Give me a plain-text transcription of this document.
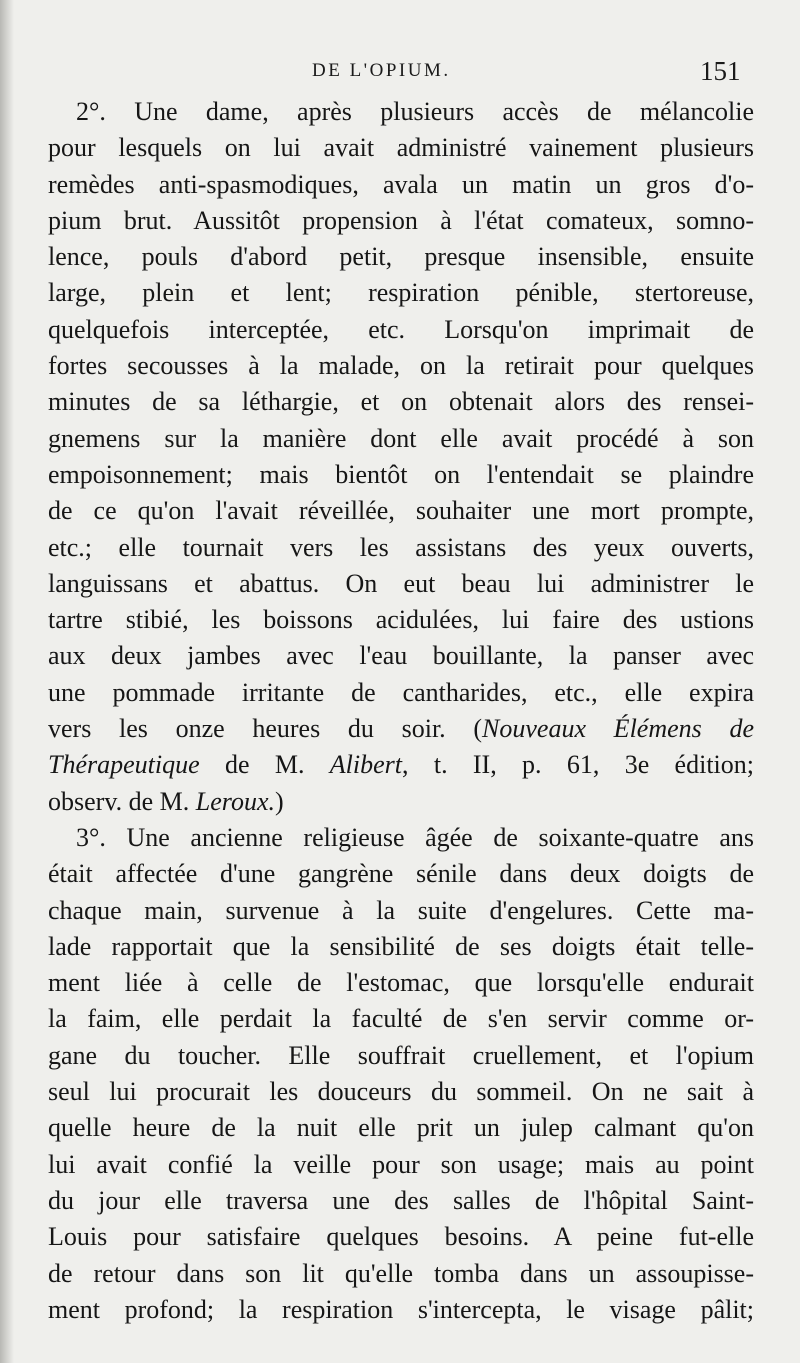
DE L'OPIUM.	151
2°. Une dame, après plusieurs accès de mélancolie
pour lesquels on lui avait administré vainement plusieurs
remèdes anti-spasmodiques, avala un matin un gros d'o-
pium brut. Aussitôt propension à l'état comateux, somno-
lence, pouls d'abord petit, presque insensible, ensuite
large, plein et lent; respiration pénible, stertoreuse,
quelquefois interceptée, etc. Lorsqu'on imprimait de
fortes secousses à la malade, on la retirait pour quelques
minutes de sa léthargie, et on obtenait alors des rensei-
gnemens sur la manière dont elle avait procédé à son
empoisonnement; mais bientôt on l'entendait se plaindre
de ce qu'on l'avait réveillée, souhaiter une mort prompte,
etc.; elle tournait vers les assistans des yeux ouverts,
languissans et abattus. On eut beau lui administrer le
tartre stibié, les boissons acidulées, lui faire des ustions
aux deux jambes avec l'eau bouillante, la panser avec
une pommade irritante de cantharides, etc., elle expira
vers les onze heures du soir. (Nouveaux Élémens de
Thérapeutique de M. Alibert, t. II, p. 61, 3e édition;
observ. de M. Leroux.)
3°. Une ancienne religieuse âgée de soixante-quatre ans
était affectée d'une gangrène sénile dans deux doigts de
chaque main, survenue à la suite d'engelures. Cette ma-
lade rapportait que la sensibilité de ses doigts était telle-
ment liée à celle de l'estomac, que lorsqu'elle endurait
la faim, elle perdait la faculté de s'en servir comme or-
gane du toucher. Elle souffrait cruellement, et l'opium
seul lui procurait les douceurs du sommeil. On ne sait à
quelle heure de la nuit elle prit un julep calmant qu'on
lui avait confié la veille pour son usage; mais au point
du jour elle traversa une des salles de l'hôpital Saint-
Louis pour satisfaire quelques besoins. A peine fut-elle
de retour dans son lit qu'elle tomba dans un assoupisse-
ment profond; la respiration s'intercepta, le visage pâlit;
